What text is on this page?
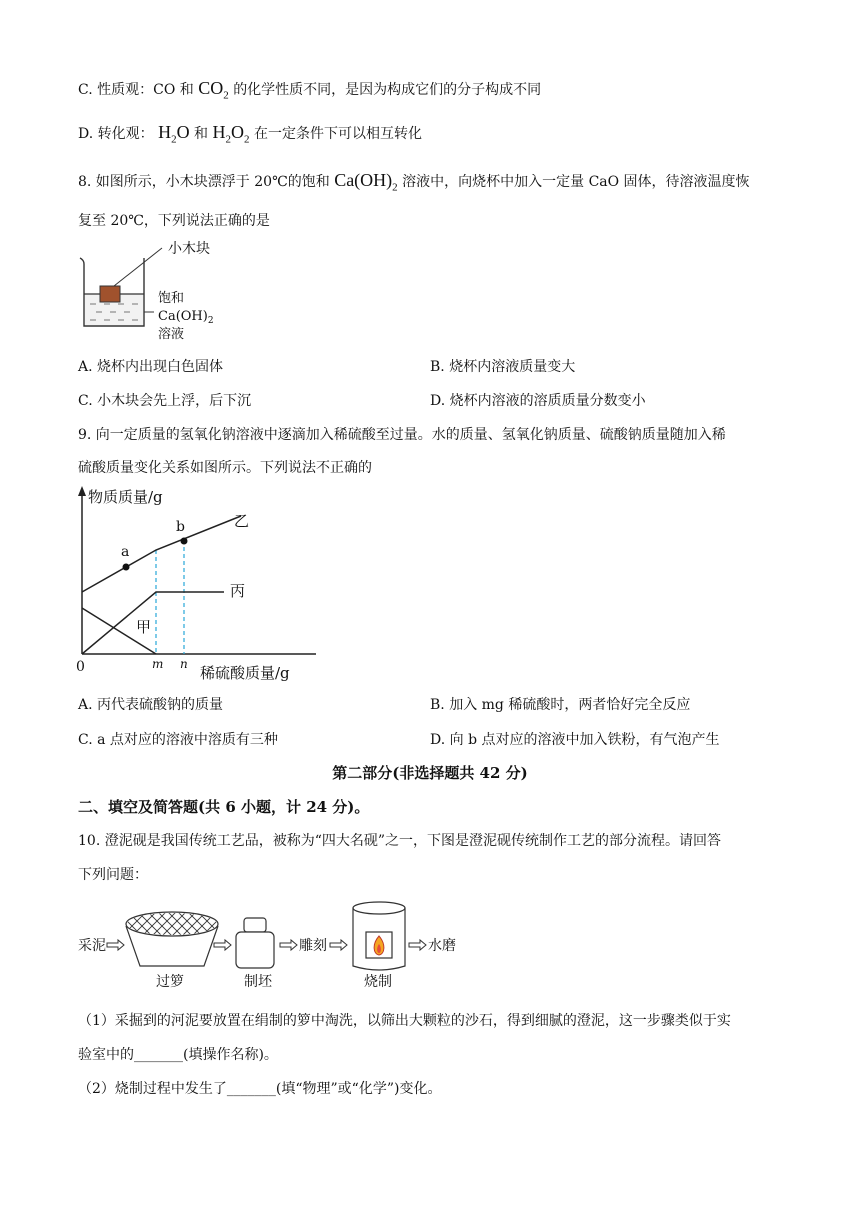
C. 性质观：CO 和 $CO_2$ 的化学性质不同，是因为构成它们的分子构成不同
D. 转化观： $H_2O$ 和 $H_2O_2$ 在一定条件下可以相互转化
8. 如图所示，小木块漂浮于 20℃的饱和 $Ca(OH)_2$ 溶液中，向烧杯中加入一定量 CaO 固体，待溶液温度恢
复至 20℃，下列说法正确的是
小木块
饱和
$Ca(OH)_2$
溶液
A. 烧杯内出现白色固体	B. 烧杯内溶液质量变大
C. 小木块会先上浮，后下沉	D. 烧杯内溶液的溶质质量分数变小
9. 向一定质量的氢氧化钠溶液中逐滴加入稀硫酸至过量。水的质量、氢氧化钠质量、硫酸钠质量随加入稀
硫酸质量变化关系如图所示。下列说法不正确的
物质质量/g
0	稀硫酸质量/g
m n
乙
丙
甲
a
b
A. 丙代表硫酸钠的质量	B. 加入 mg 稀硫酸时，两者恰好完全反应
C. a 点对应的溶液中溶质有三种	D. 向 b 点对应的溶液中加入铁粉，有气泡产生
第二部分(非选择题共 42 分)
二、填空及简答题(共 6 小题，计 24 分)。
10. 澄泥砚是我国传统工艺品，被称为“四大名砚”之一，下图是澄泥砚传统制作工艺的部分流程。请回答
下列问题：
采泥
过箩	制坯
雕刻
烧制
水磨
（1）采掘到的河泥要放置在绢制的箩中淘洗，以筛出大颗粒的沙石，得到细腻的澄泥，这一步骤类似于实
验室中的_______(填操作名称)。
（2）烧制过程中发生了_______(填“物理”或“化学”)变化。
